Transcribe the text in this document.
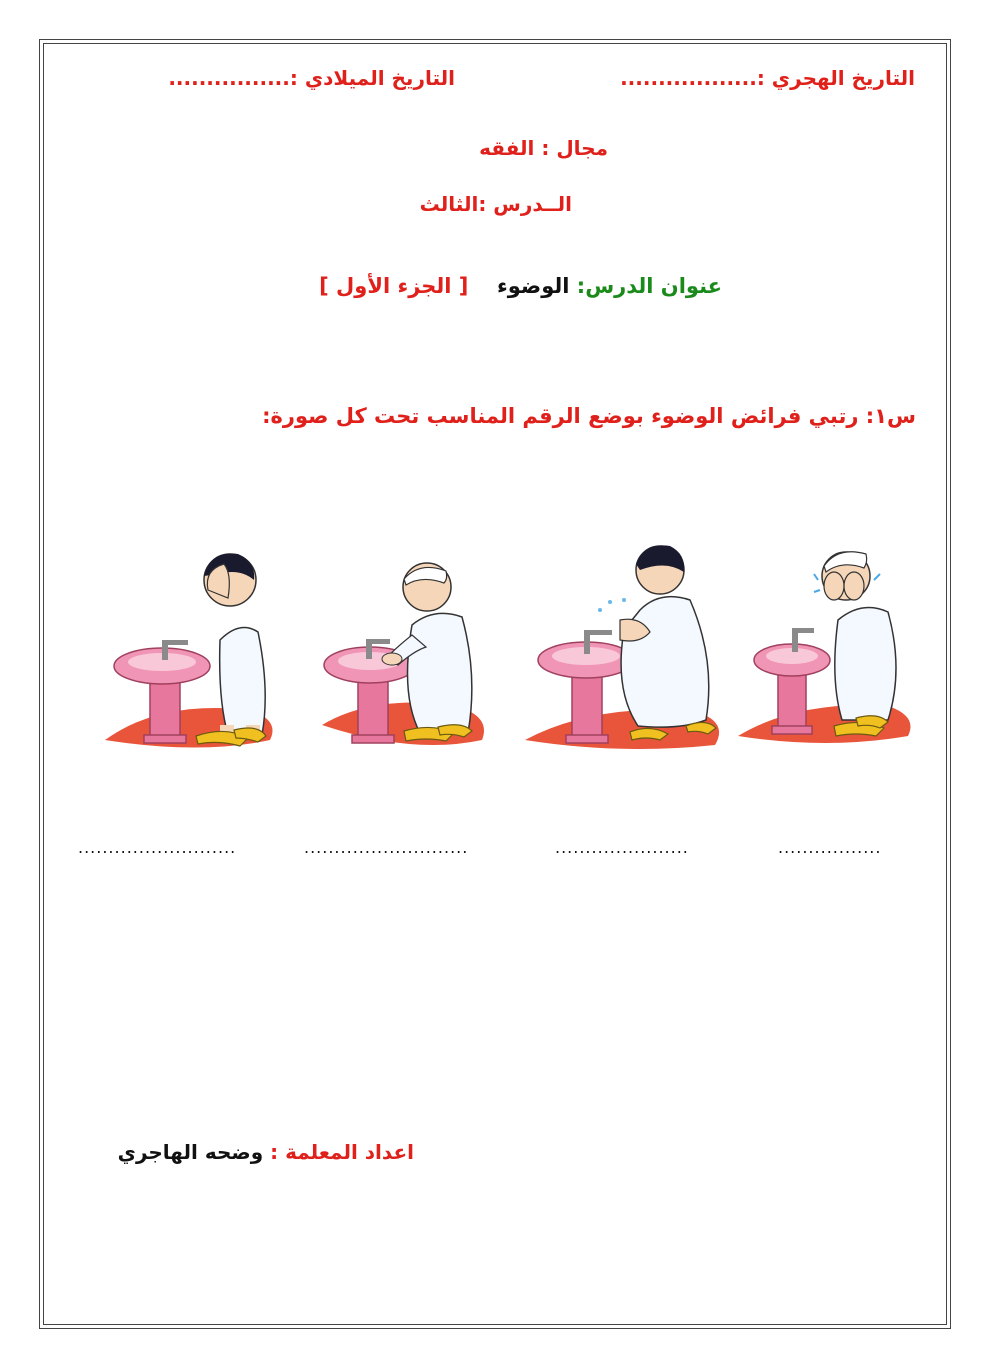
التاريخ الهجري :..................
التاريخ الميلادي :................
مجال : الفقه
الــدرس :الثالث
عنوان الدرس: الوضوء  [ الجزء الأول ]
س١: رتبي فرائض الوضوء بوضع الرقم المناسب تحت كل صورة:
.................
......................
...........................
..........................
اعداد المعلمة : وضحه الهاجري
